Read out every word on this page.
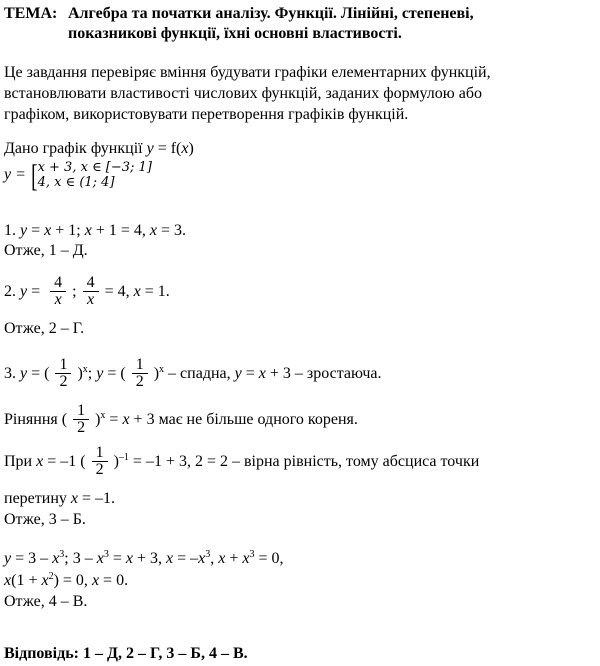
ТЕМА: Алгебра та початки аналізу. Функції. Лінійні, степеневі,
показникові функції, їхні основні властивості.
Це завдання перевіряє вміння будувати графіки елементарних функцій,
встановлювати властивості числових функцій, заданих формулою або
графіком, використовувати перетворення графіків функцій.
Дано графік функції y = f(x)
y = [ x + 3, x ∈ [−3; 1]
4, x ∈ (1; 4]
1. y = x + 1; x + 1 = 4, x = 3.
Отже, 1 – Д.
2. $y = \frac{4}{x}$ ; $\frac{4}{x} = 4$, x = 1.
Отже, 2 – Г.
3. y = ( $\frac{1}{2} )^x$; y = ( $\frac{1}{2} )^x$ – спадна, y = x + 3 – зростаюча.
Ріняння ( $\frac{1}{2} )^x = x + 3$ має не більше одного кореня.
При x = –1 ( $\frac{1}{2} )^{-1} = -1 + 3$, 2 = 2 – вірна рівність, тому абсциса точки
перетину x = –1.
Отже, 3 – Б.
$y = 3 - x^3$; $3 - x^3 = x + 3$, $x = -x^3$, $x + x^3 = 0$,
$x(1 + x^2) = 0$, x = 0.
Отже, 4 – В.
Відповідь: 1 – Д, 2 – Г, 3 – Б, 4 – В.
